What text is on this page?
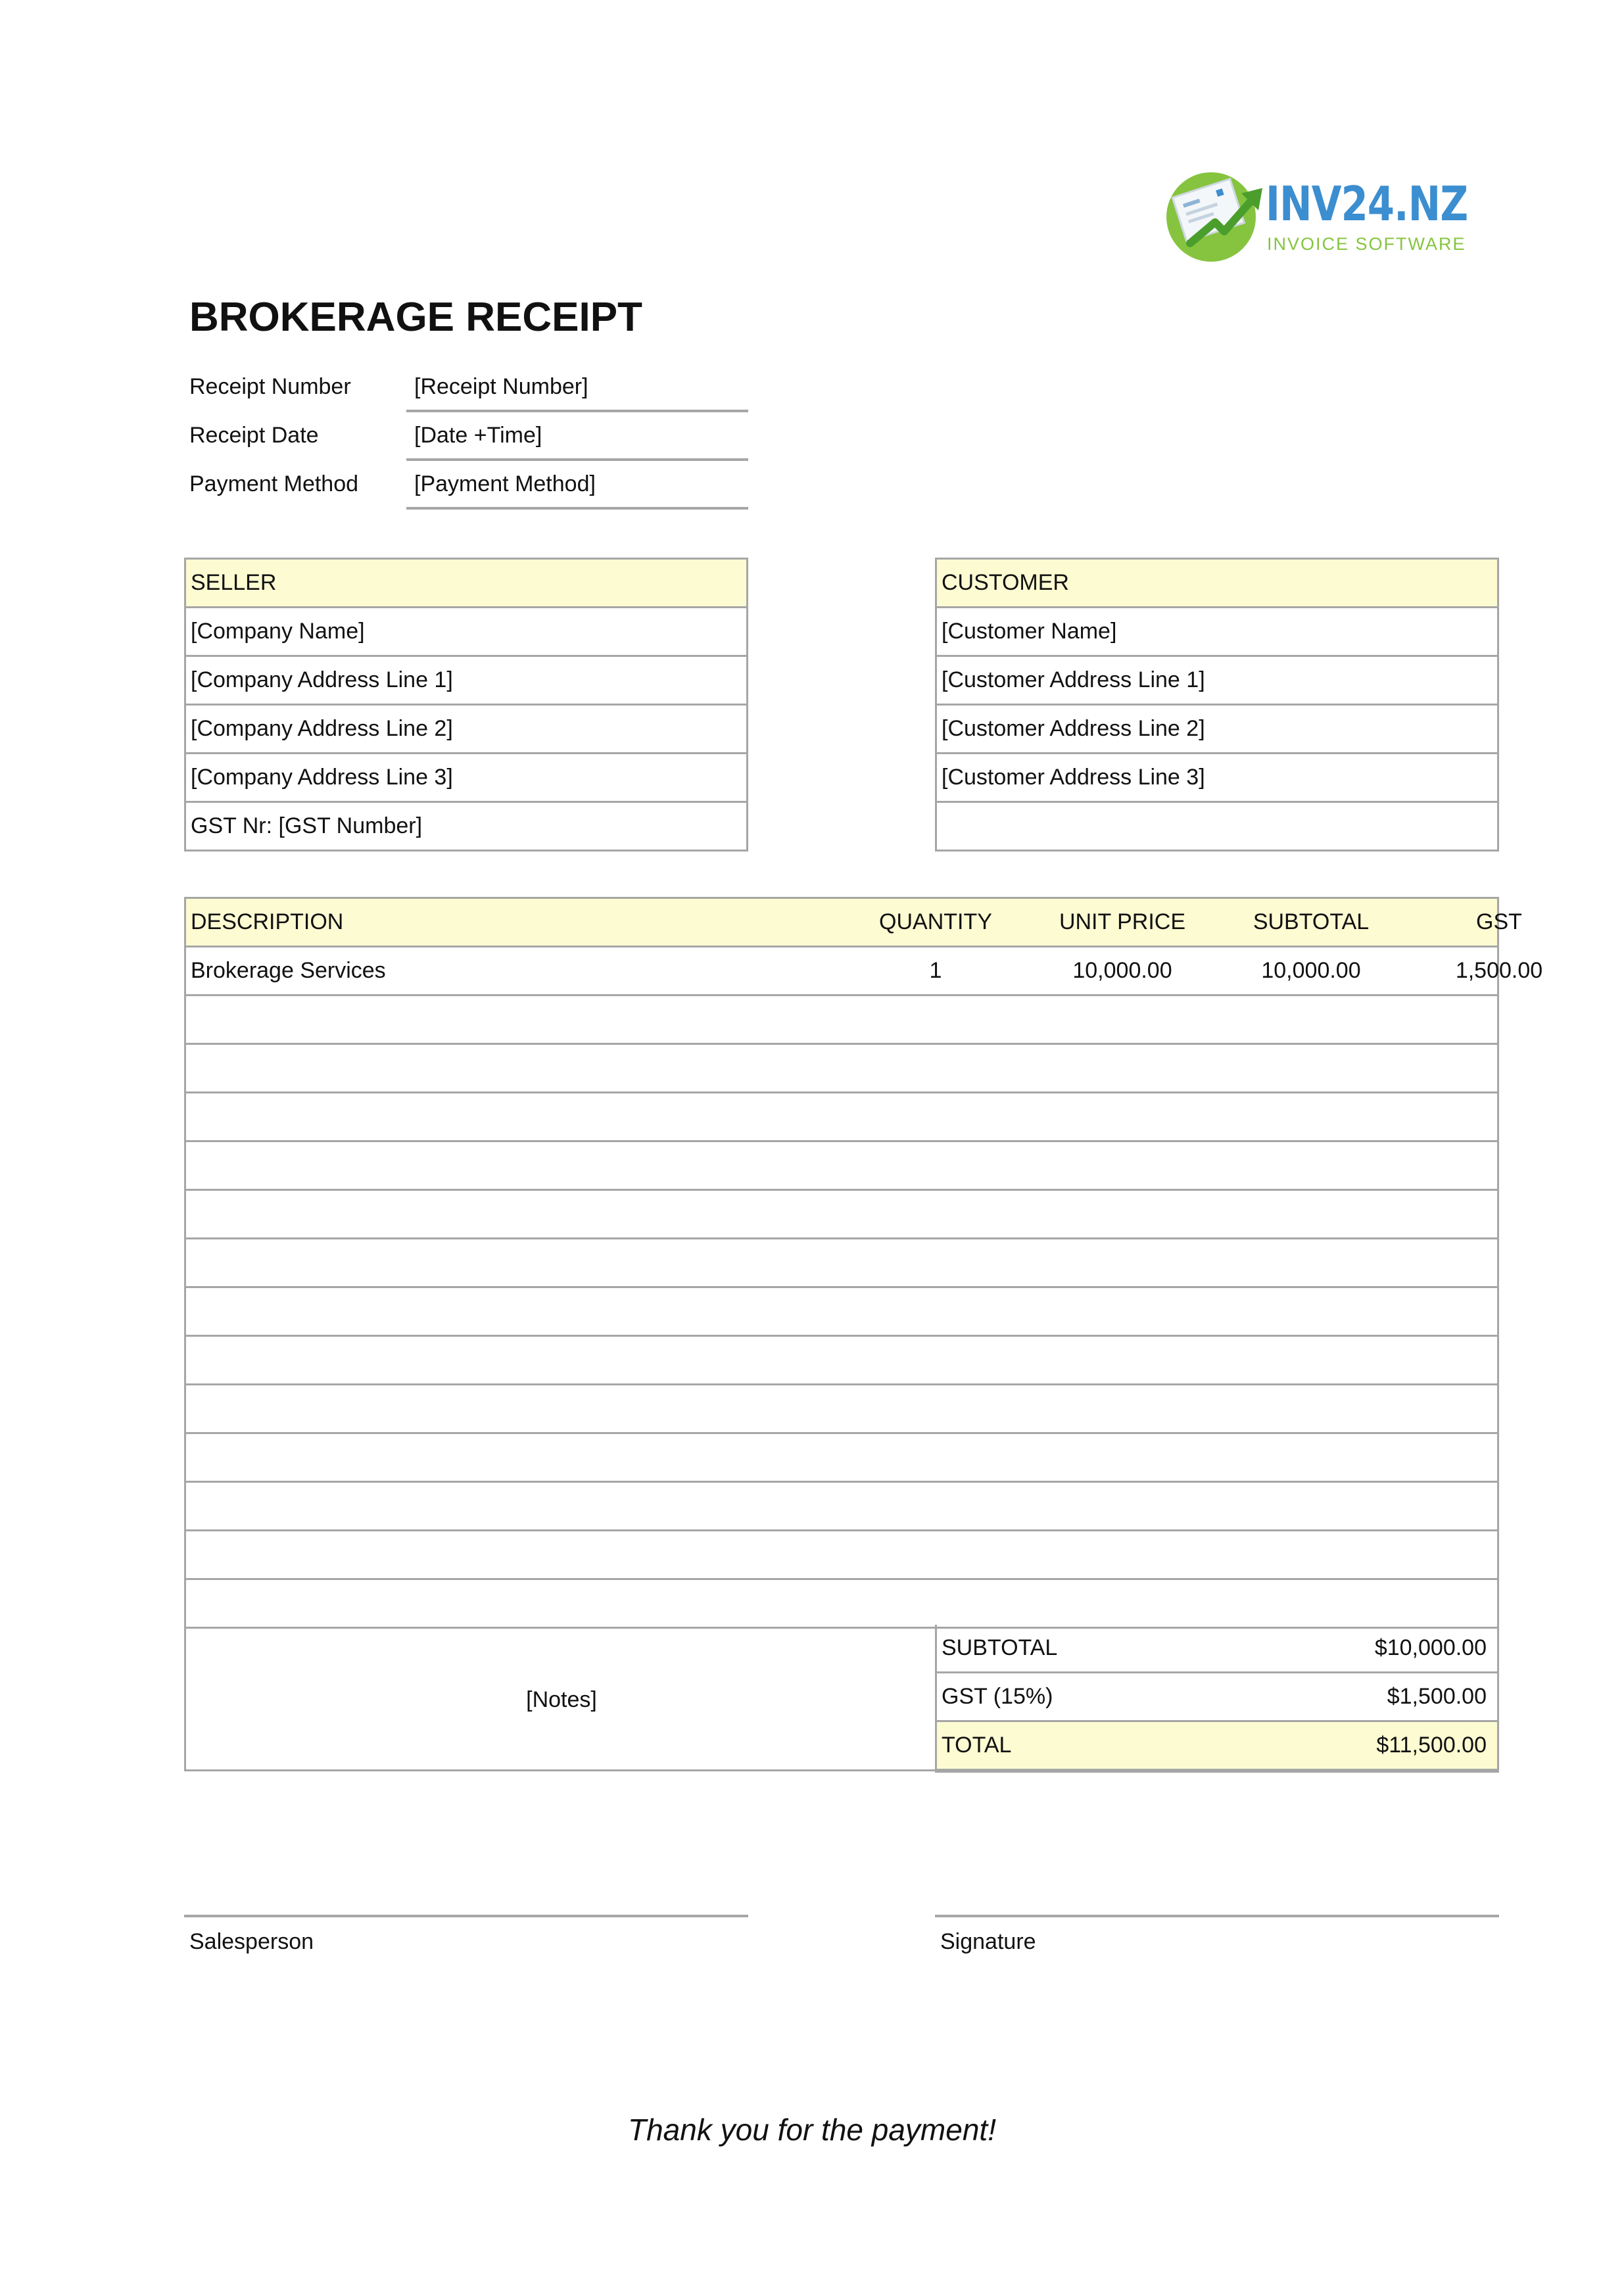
INV24.NZ
INVOICE SOFTWARE
BROKERAGE RECEIPT
Receipt Number	[Receipt Number]
Receipt Date	[Date +Time]
Payment Method [Payment Method]
SELLER
[Company Name]
[Company Address Line 1]
[Company Address Line 2]
[Company Address Line 3]
GST Nr: [GST Number]
CUSTOMER
[Customer Name]
[Customer Address Line 1]
[Customer Address Line 2]
[Customer Address Line 3]
DESCRIPTION	QUANTITY	UNIT PRICE	SUBTOTAL	GST
Brokerage Services	1	10,000.00	10,000.00	1,500.00
[Notes]
SUBTOTAL	$10,000.00
GST (15%)	$1,500.00
TOTAL	$11,500.00
Salesperson	Signature
Thank you for the payment!
